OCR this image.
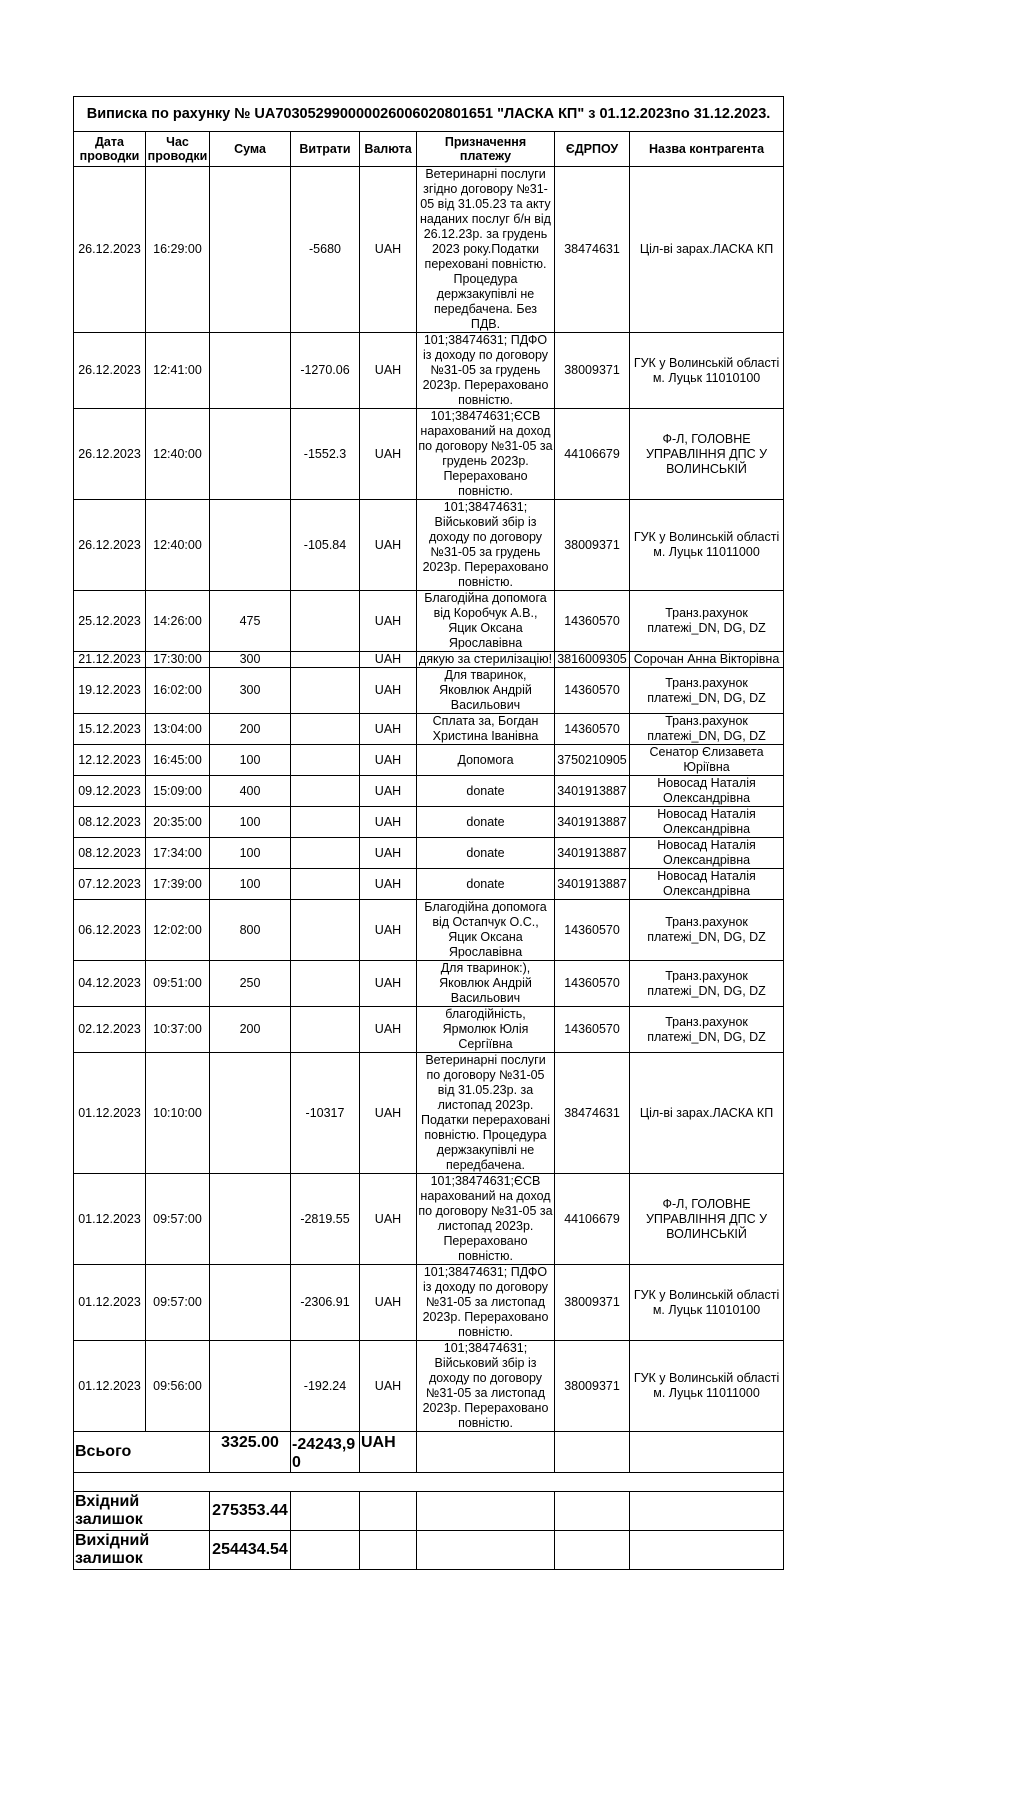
Виписка по рахунку № UA703052990000026006020801651 "ЛАСКА КП" з 01.12.2023по 31.12.2023.							
Дата проводки	Час проводки	Сума	Витрати	Валюта	Призначення платежу	ЄДРПОУ	Назва контрагента
26.12.2023	16:29:00		-5680	UAH	Ветеринарні послуги згідно договору №31-05 від 31.05.23 та акту наданих послуг б/н від 26.12.23р. за грудень 2023 року.Податки переховані повністю. Процедура держзакупівлі не передбачена. Без ПДВ.	38474631	Ціл-ві зарах.ЛАСКА КП
26.12.2023	12:41:00		-1270.06	UAH	101;38474631; ПДФО із доходу по договору №31-05 за грудень 2023р. Перераховано повністю.	38009371	ГУК у Волинській області м. Луцьк 11010100
26.12.2023	12:40:00		-1552.3	UAH	101;38474631;ЄСВ нарахований на доход по договору №31-05 за грудень 2023р. Перераховано повністю.	44106679	Ф-Л, ГОЛОВНЕ УПРАВЛІННЯ ДПС У ВОЛИНСЬКІЙ
26.12.2023	12:40:00		-105.84	UAH	101;38474631; Військовий збір із доходу по договору №31-05 за грудень 2023р. Перераховано повністю.	38009371	ГУК у Волинській області м. Луцьк 11011000
25.12.2023	14:26:00	475		UAH	Благодійна допомога від Коробчук А.В., Яцик Оксана Ярославівна	14360570	Транз.рахунок платежі_DN, DG, DZ
21.12.2023	17:30:00	300		UAH	дякую за стерилізацію!	3816009305	Сорочан Анна Вікторівна
19.12.2023	16:02:00	300		UAH	Для тваринок, Яковлюк Андрій Васильович	14360570	Транз.рахунок платежі_DN, DG, DZ
15.12.2023	13:04:00	200		UAH	Сплата за, Богдан Христина Іванівна	14360570	Транз.рахунок платежі_DN, DG, DZ
12.12.2023	16:45:00	100		UAH	Допомога	3750210905	Сенатор Єлизавета Юріївна
09.12.2023	15:09:00	400		UAH	donate	3401913887	Новосад Наталія Олександрівна
08.12.2023	20:35:00	100		UAH	donate	3401913887	Новосад Наталія Олександрівна
08.12.2023	17:34:00	100		UAH	donate	3401913887	Новосад Наталія Олександрівна
07.12.2023	17:39:00	100		UAH	donate	3401913887	Новосад Наталія Олександрівна
06.12.2023	12:02:00	800		UAH	Благодійна допомога від Остапчук О.С., Яцик Оксана Ярославівна	14360570	Транз.рахунок платежі_DN, DG, DZ
04.12.2023	09:51:00	250		UAH	Для тваринок:), Яковлюк Андрій Васильович	14360570	Транз.рахунок платежі_DN, DG, DZ
02.12.2023	10:37:00	200		UAH	благодійність, Ярмолюк Юлія Сергіївна	14360570	Транз.рахунок платежі_DN, DG, DZ
01.12.2023	10:10:00		-10317	UAH	Ветеринарні послуги по договору №31-05 від 31.05.23р. за листопад 2023р. Податки перераховані повністю. Процедура держзакупівлі не передбачена.	38474631	Ціл-ві зарах.ЛАСКА КП
01.12.2023	09:57:00		-2819.55	UAH	101;38474631;ЄСВ нарахований на доход по договору №31-05 за листопад 2023р. Перераховано повністю.	44106679	Ф-Л, ГОЛОВНЕ УПРАВЛІННЯ ДПС У ВОЛИНСЬКІЙ
01.12.2023	09:57:00		-2306.91	UAH	101;38474631; ПДФО із доходу по договору №31-05 за листопад 2023р. Перераховано повністю.	38009371	ГУК у Волинській області м. Луцьк 11010100
01.12.2023	09:56:00		-192.24	UAH	101;38474631; Військовий збір із доходу по договору №31-05 за листопад 2023р. Перераховано повністю.	38009371	ГУК у Волинській області м. Луцьк 11011000
Всього		3325.00	-24243,90	UAH			

Вхідний залишок		275353.44					
Вихідний залишок		254434.54					
